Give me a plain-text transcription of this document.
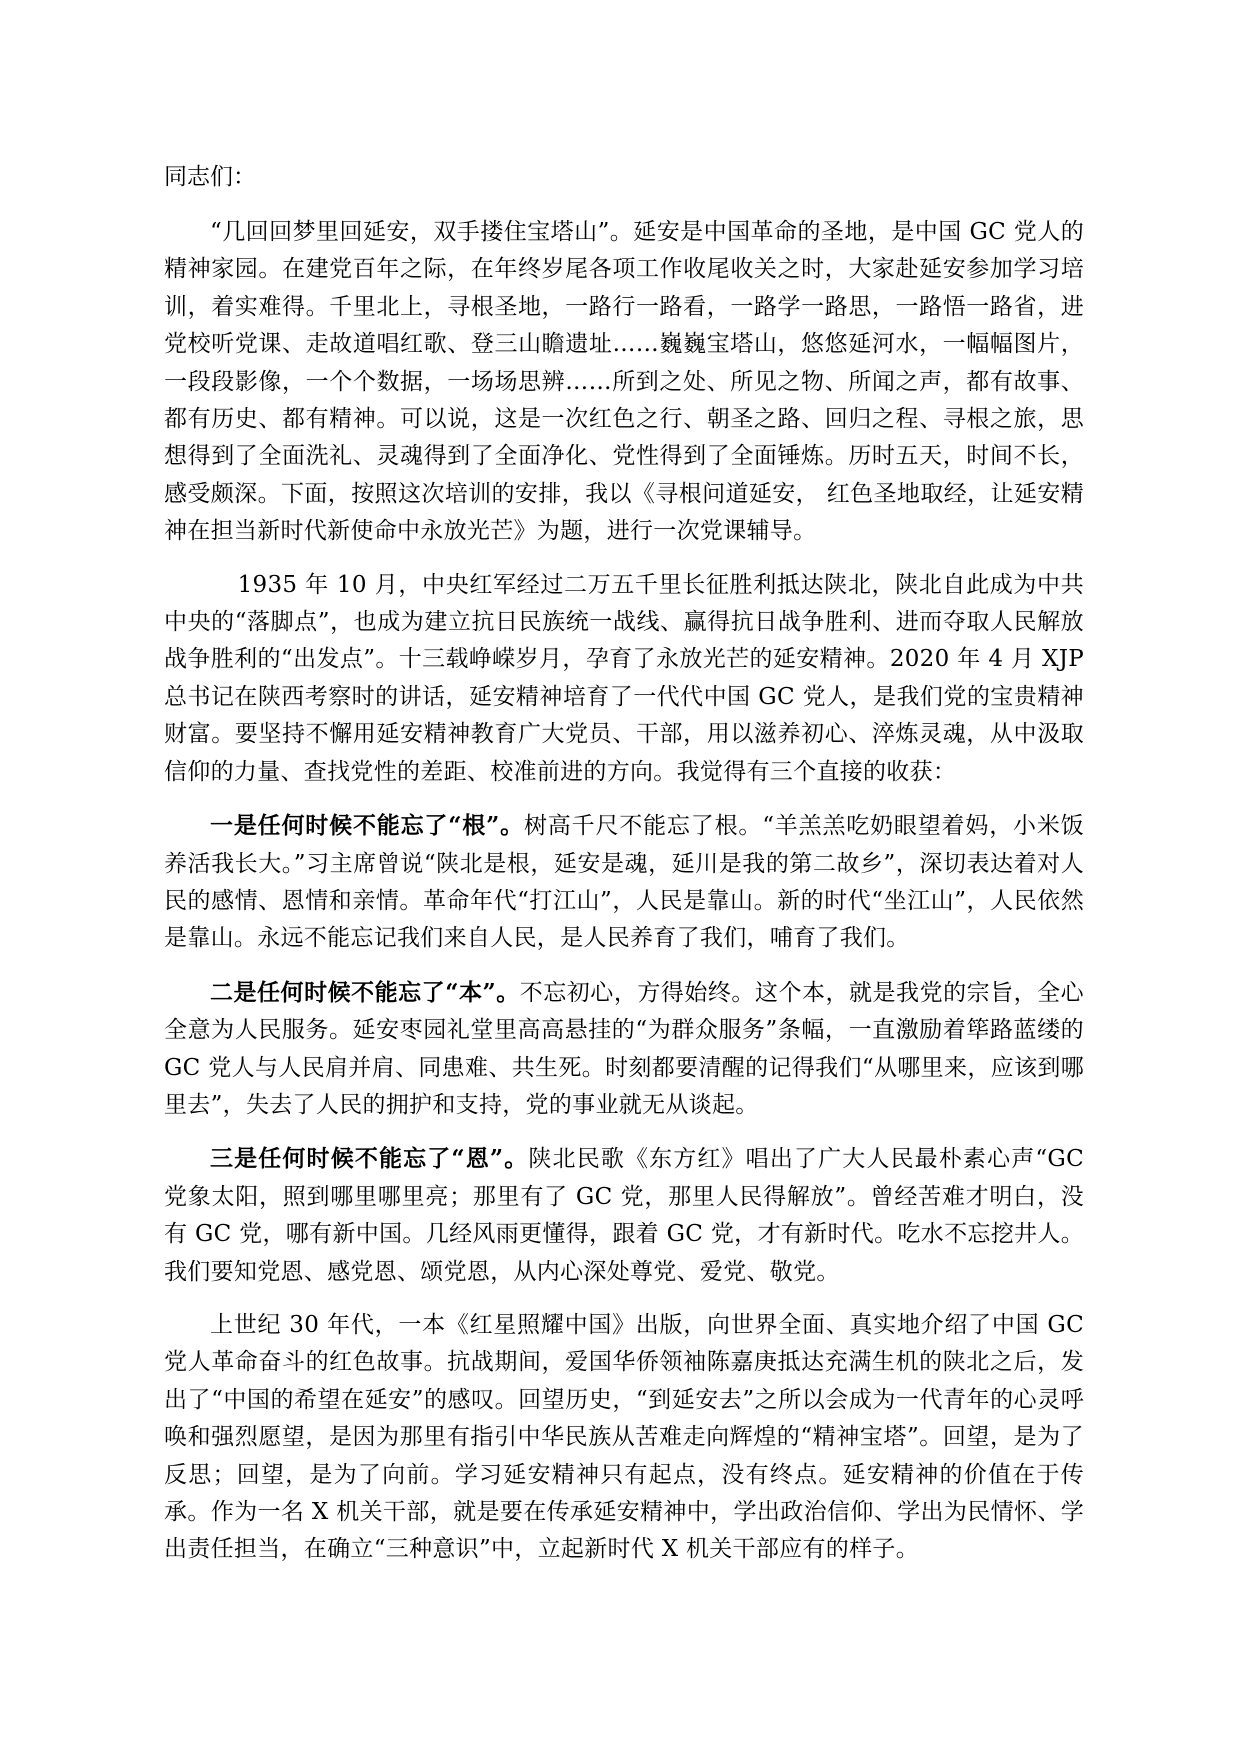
同志们：

“几回回梦里回延安，双手搂住宝塔山”。延安是中国革命的圣地，是中国 GC 党人的精神家园。在建党百年之际，在年终岁尾各项工作收尾收关之时，大家赴延安参加学习培训，着实难得。千里北上，寻根圣地，一路行一路看，一路学一路思，一路悟一路省，进党校听党课、走故道唱红歌、登三山瞻遗址……巍巍宝塔山，悠悠延河水，一幅幅图片，一段段影像，一个个数据，一场场思辨……所到之处、所见之物、所闻之声，都有故事、都有历史、都有精神。可以说，这是一次红色之行、朝圣之路、回归之程、寻根之旅，思想得到了全面洗礼、灵魂得到了全面净化、党性得到了全面锤炼。历时五天，时间不长，感受颇深。下面，按照这次培训的安排，我以《寻根问道延安， 红色圣地取经，让延安精神在担当新时代新使命中永放光芒》为题，进行一次党课辅导。

1935 年 10 月，中央红军经过二万五千里长征胜利抵达陕北，陕北自此成为中共中央的“落脚点”，也成为建立抗日民族统一战线、赢得抗日战争胜利、进而夺取人民解放战争胜利的“出发点”。十三载峥嵘岁月，孕育了永放光芒的延安精神。2020 年 4 月 XJP 总书记在陕西考察时的讲话，延安精神培育了一代代中国 GC 党人，是我们党的宝贵精神财富。要坚持不懈用延安精神教育广大党员、干部，用以滋养初心、淬炼灵魂，从中汲取信仰的力量、查找党性的差距、校准前进的方向。我觉得有三个直接的收获：

一是任何时候不能忘了“根”。树高千尺不能忘了根。“羊羔羔吃奶眼望着妈，小米饭养活我长大。”习主席曾说“陕北是根，延安是魂，延川是我的第二故乡”，深切表达着对人民的感情、恩情和亲情。革命年代“打江山”，人民是靠山。新的时代“坐江山”，人民依然是靠山。永远不能忘记我们来自人民，是人民养育了我们，哺育了我们。

二是任何时候不能忘了“本”。不忘初心，方得始终。这个本，就是我党的宗旨，全心全意为人民服务。延安枣园礼堂里高高悬挂的“为群众服务”条幅，一直激励着筚路蓝缕的 GC 党人与人民肩并肩、同患难、共生死。时刻都要清醒的记得我们“从哪里来，应该到哪里去”，失去了人民的拥护和支持，党的事业就无从谈起。

三是任何时候不能忘了“恩”。陕北民歌《东方红》唱出了广大人民最朴素心声“GC 党象太阳，照到哪里哪里亮；那里有了 GC 党，那里人民得解放”。曾经苦难才明白，没有 GC 党，哪有新中国。几经风雨更懂得，跟着 GC 党，才有新时代。吃水不忘挖井人。我们要知党恩、感党恩、颂党恩，从内心深处尊党、爱党、敬党。

上世纪 30 年代，一本《红星照耀中国》出版，向世界全面、真实地介绍了中国 GC 党人革命奋斗的红色故事。抗战期间，爱国华侨领袖陈嘉庚抵达充满生机的陕北之后，发出了“中国的希望在延安”的感叹。回望历史，“到延安去”之所以会成为一代青年的心灵呼唤和强烈愿望，是因为那里有指引中华民族从苦难走向辉煌的“精神宝塔”。回望，是为了反思；回望，是为了向前。学习延安精神只有起点，没有终点。延安精神的价值在于传承。作为一名 X 机关干部，就是要在传承延安精神中，学出政治信仰、学出为民情怀、学出责任担当，在确立“三种意识”中，立起新时代 X 机关干部应有的样子。
